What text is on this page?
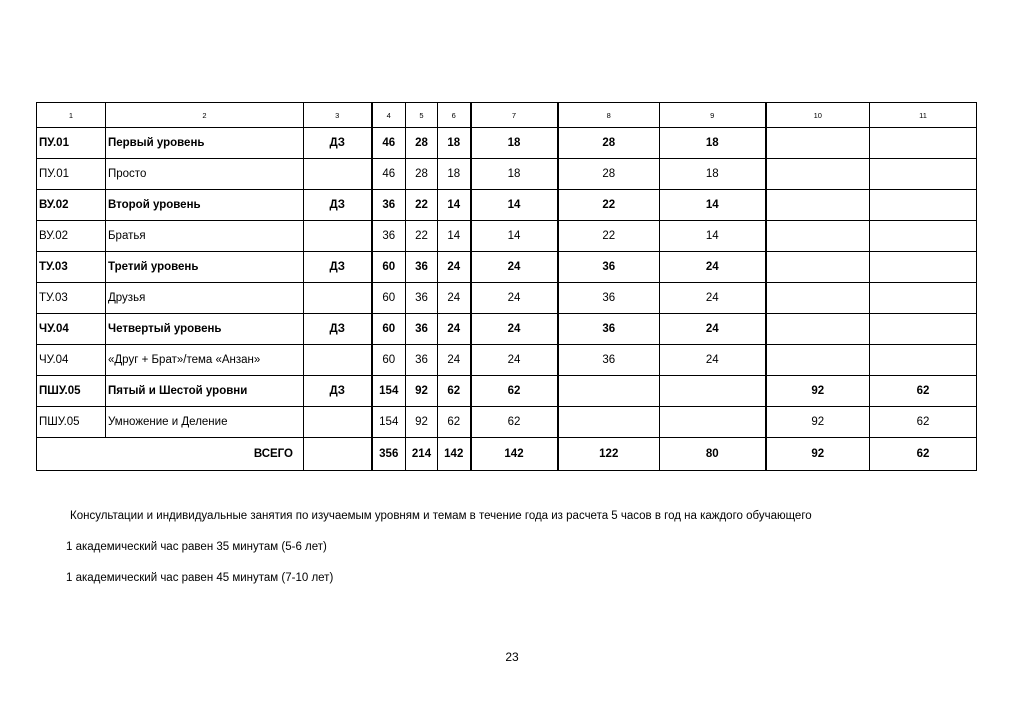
1	2	3	4	5	6	7	8	9	10	11
ПУ.01	Первый уровень	ДЗ	46	28	18	18	28	18		
ПУ.01	Просто		46	28	18	18	28	18		
ВУ.02	Второй уровень	ДЗ	36	22	14	14	22	14		
ВУ.02	Братья		36	22	14	14	22	14		
ТУ.03	Третий уровень	ДЗ	60	36	24	24	36	24		
ТУ.03	Друзья		60	36	24	24	36	24		
ЧУ.04	Четвертый уровень	ДЗ	60	36	24	24	36	24		
ЧУ.04	«Друг + Брат»/тема «Анзан»		60	36	24	24	36	24		
ПШУ.05	Пятый и Шестой уровни	ДЗ	154	92	62	62			92	62
ПШУ.05	Умножение и Деление		154	92	62	62			92	62
ВСЕГО			356	214	142	142	122	80	92	62
Консультации и индивидуальные занятия по изучаемым уровням и темам в течение года из расчета 5 часов в год на каждого обучающего
1 академический час равен 35 минутам (5-6 лет)
1 академический час равен 45 минутам (7-10 лет)
23
